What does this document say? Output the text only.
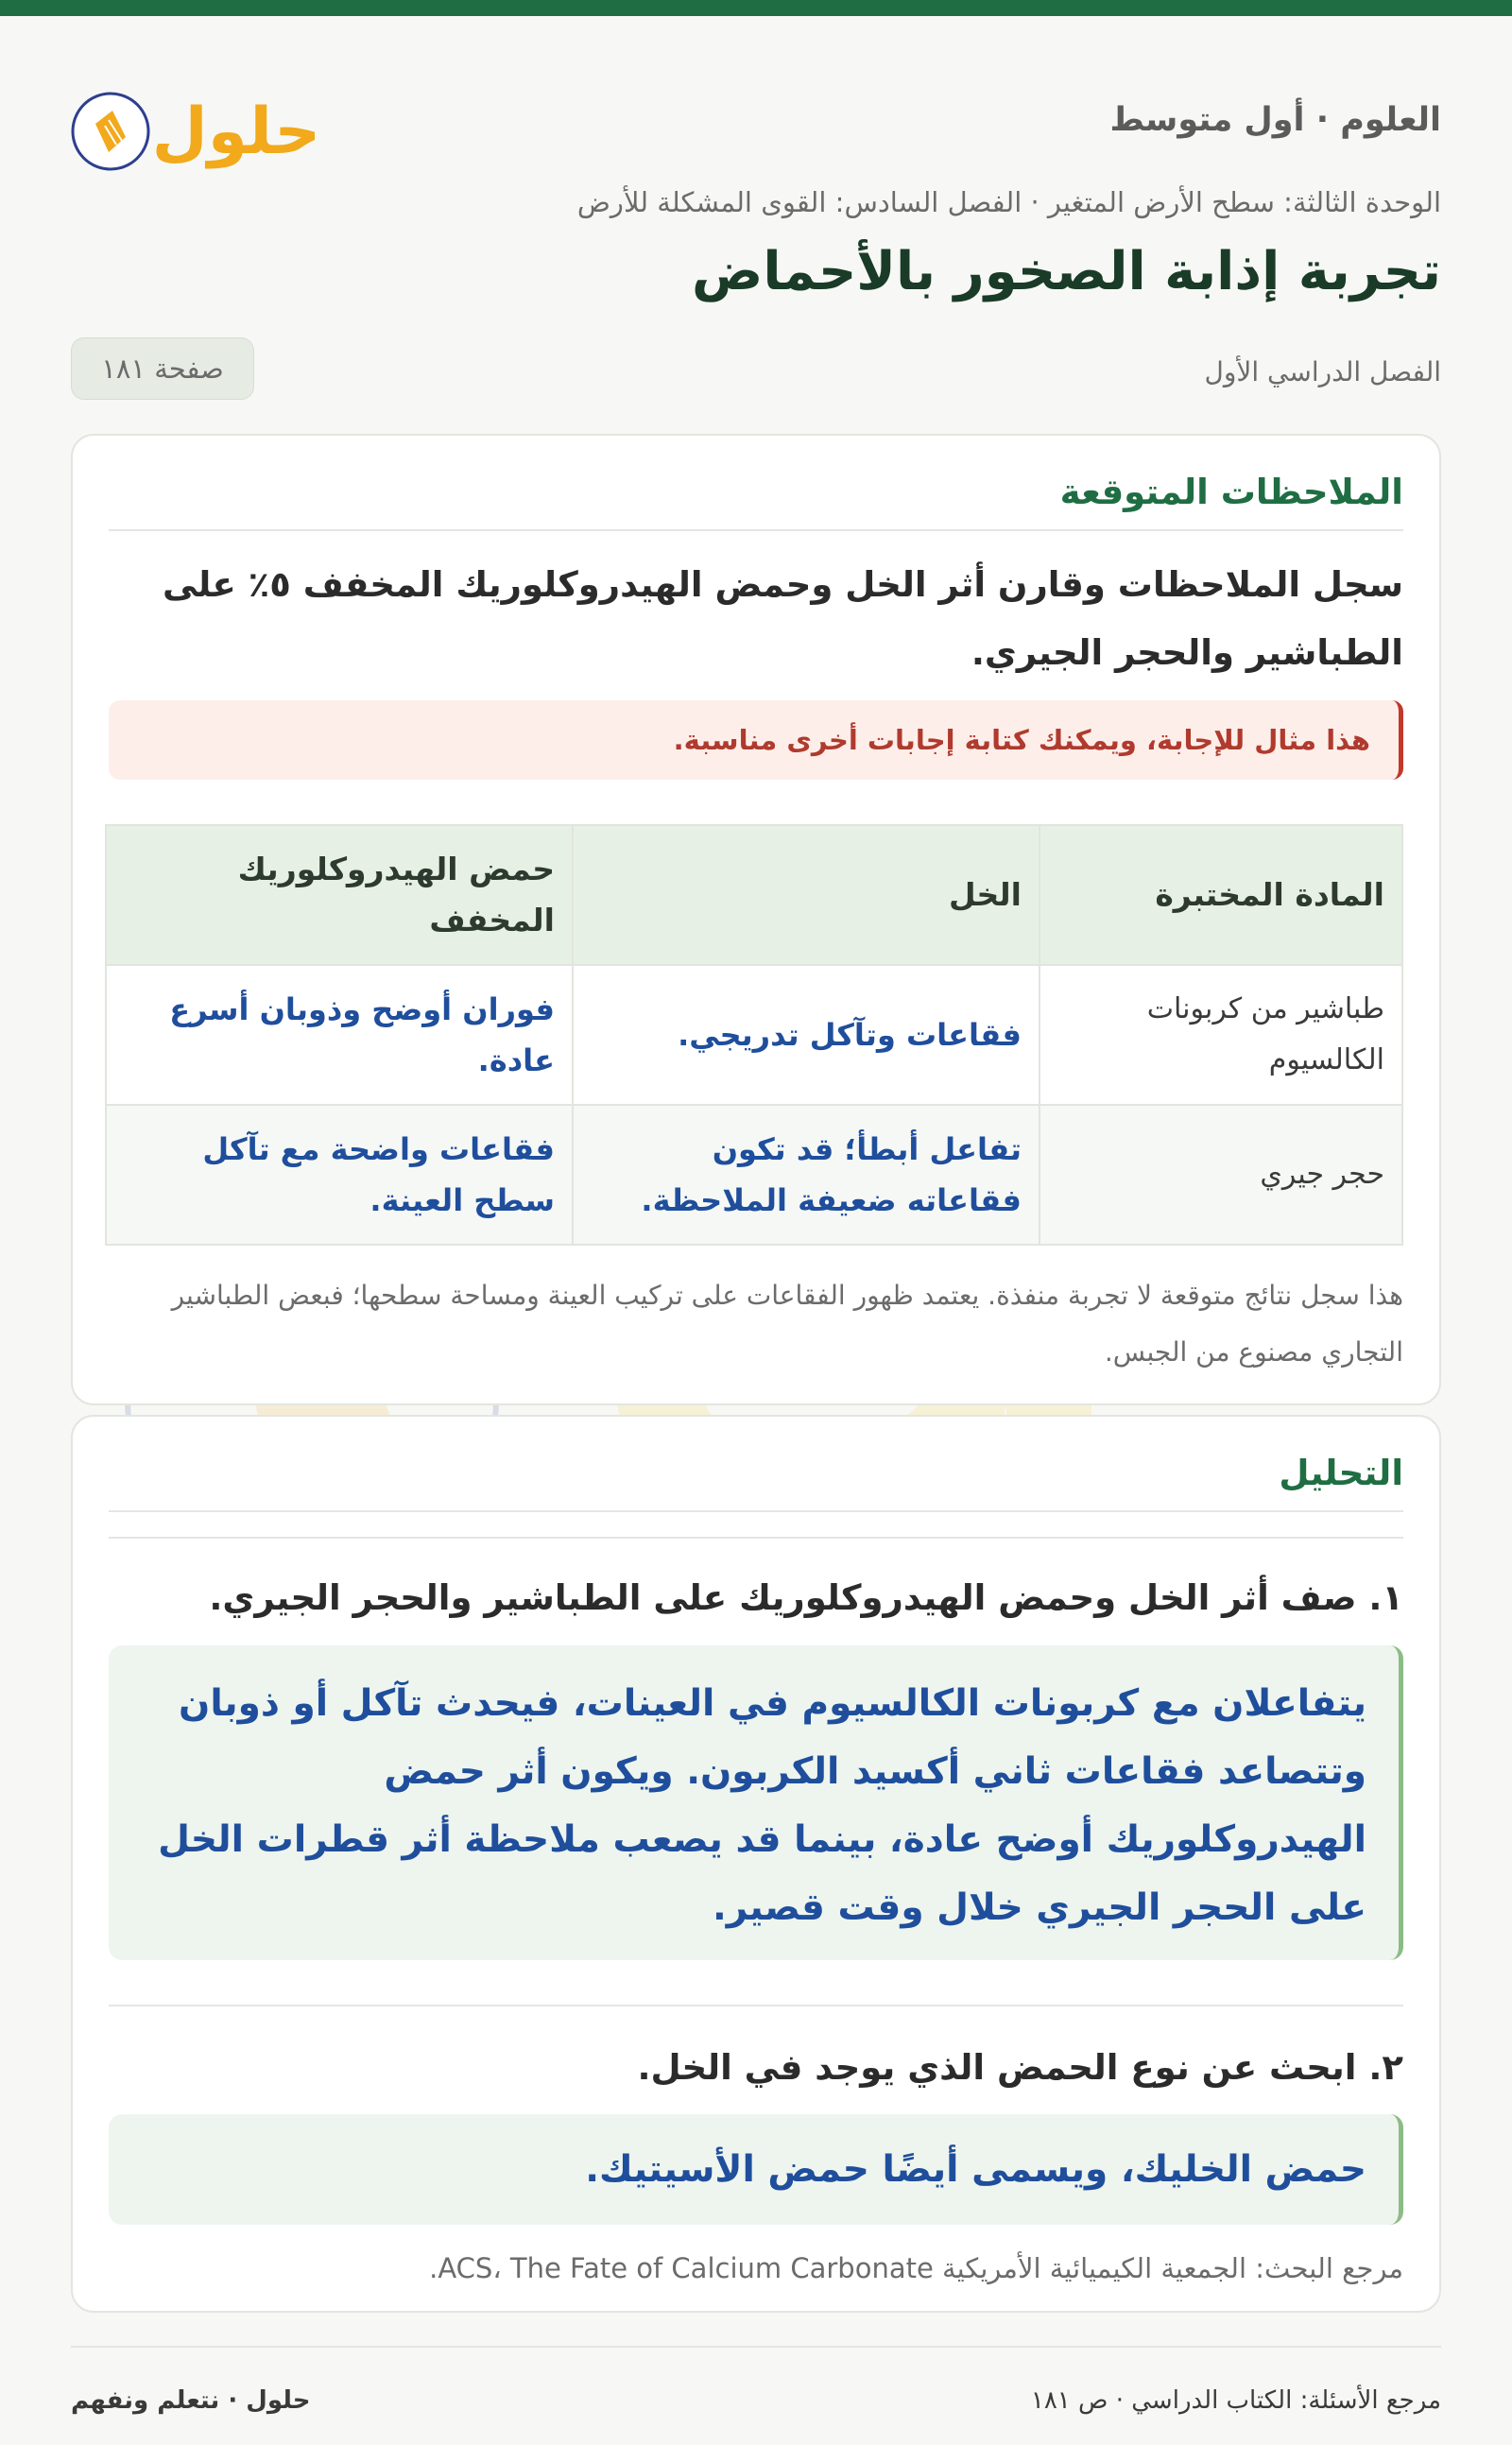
العلوم · أول متوسط
حلول
الوحدة الثالثة: سطح الأرض المتغير · الفصل السادس: القوى المشكلة للأرض
تجربة إذابة الصخور بالأحماض
الفصل الدراسي الأول
صفحة ١٨١
الملاحظات المتوقعة
سجل الملاحظات وقارن أثر الخل وحمض الهيدروكلوريك المخفف ٥٪ على الطباشير والحجر الجيري.
هذا مثال للإجابة، ويمكنك كتابة إجابات أخرى مناسبة.
المادة المختبرة	الخل	حمض الهيدروكلوريك المخفف
طباشير من كربونات الكالسيوم	فقاعات وتآكل تدريجي.	فوران أوضح وذوبان أسرع عادة.
حجر جيري	تفاعل أبطأ؛ قد تكون فقاعاته ضعيفة الملاحظة.	فقاعات واضحة مع تآكل سطح العينة.
هذا سجل نتائج متوقعة لا تجربة منفذة. يعتمد ظهور الفقاعات على تركيب العينة ومساحة سطحها؛ فبعض الطباشير التجاري مصنوع من الجبس.
التحليل
١. صف أثر الخل وحمض الهيدروكلوريك على الطباشير والحجر الجيري.
يتفاعلان مع كربونات الكالسيوم في العينات، فيحدث تآكل أو ذوبان وتتصاعد فقاعات ثاني أكسيد الكربون. ويكون أثر حمض الهيدروكلوريك أوضح عادة، بينما قد يصعب ملاحظة أثر قطرات الخل على الحجر الجيري خلال وقت قصير.
٢. ابحث عن نوع الحمض الذي يوجد في الخل.
حمض الخليك، ويسمى أيضًا حمض الأسيتيك.
مرجع البحث: الجمعية الكيميائية الأمريكية ACS، The Fate of Calcium Carbonate.
مرجع الأسئلة: الكتاب الدراسي · ص ١٨١
حلول · نتعلم ونفهم
